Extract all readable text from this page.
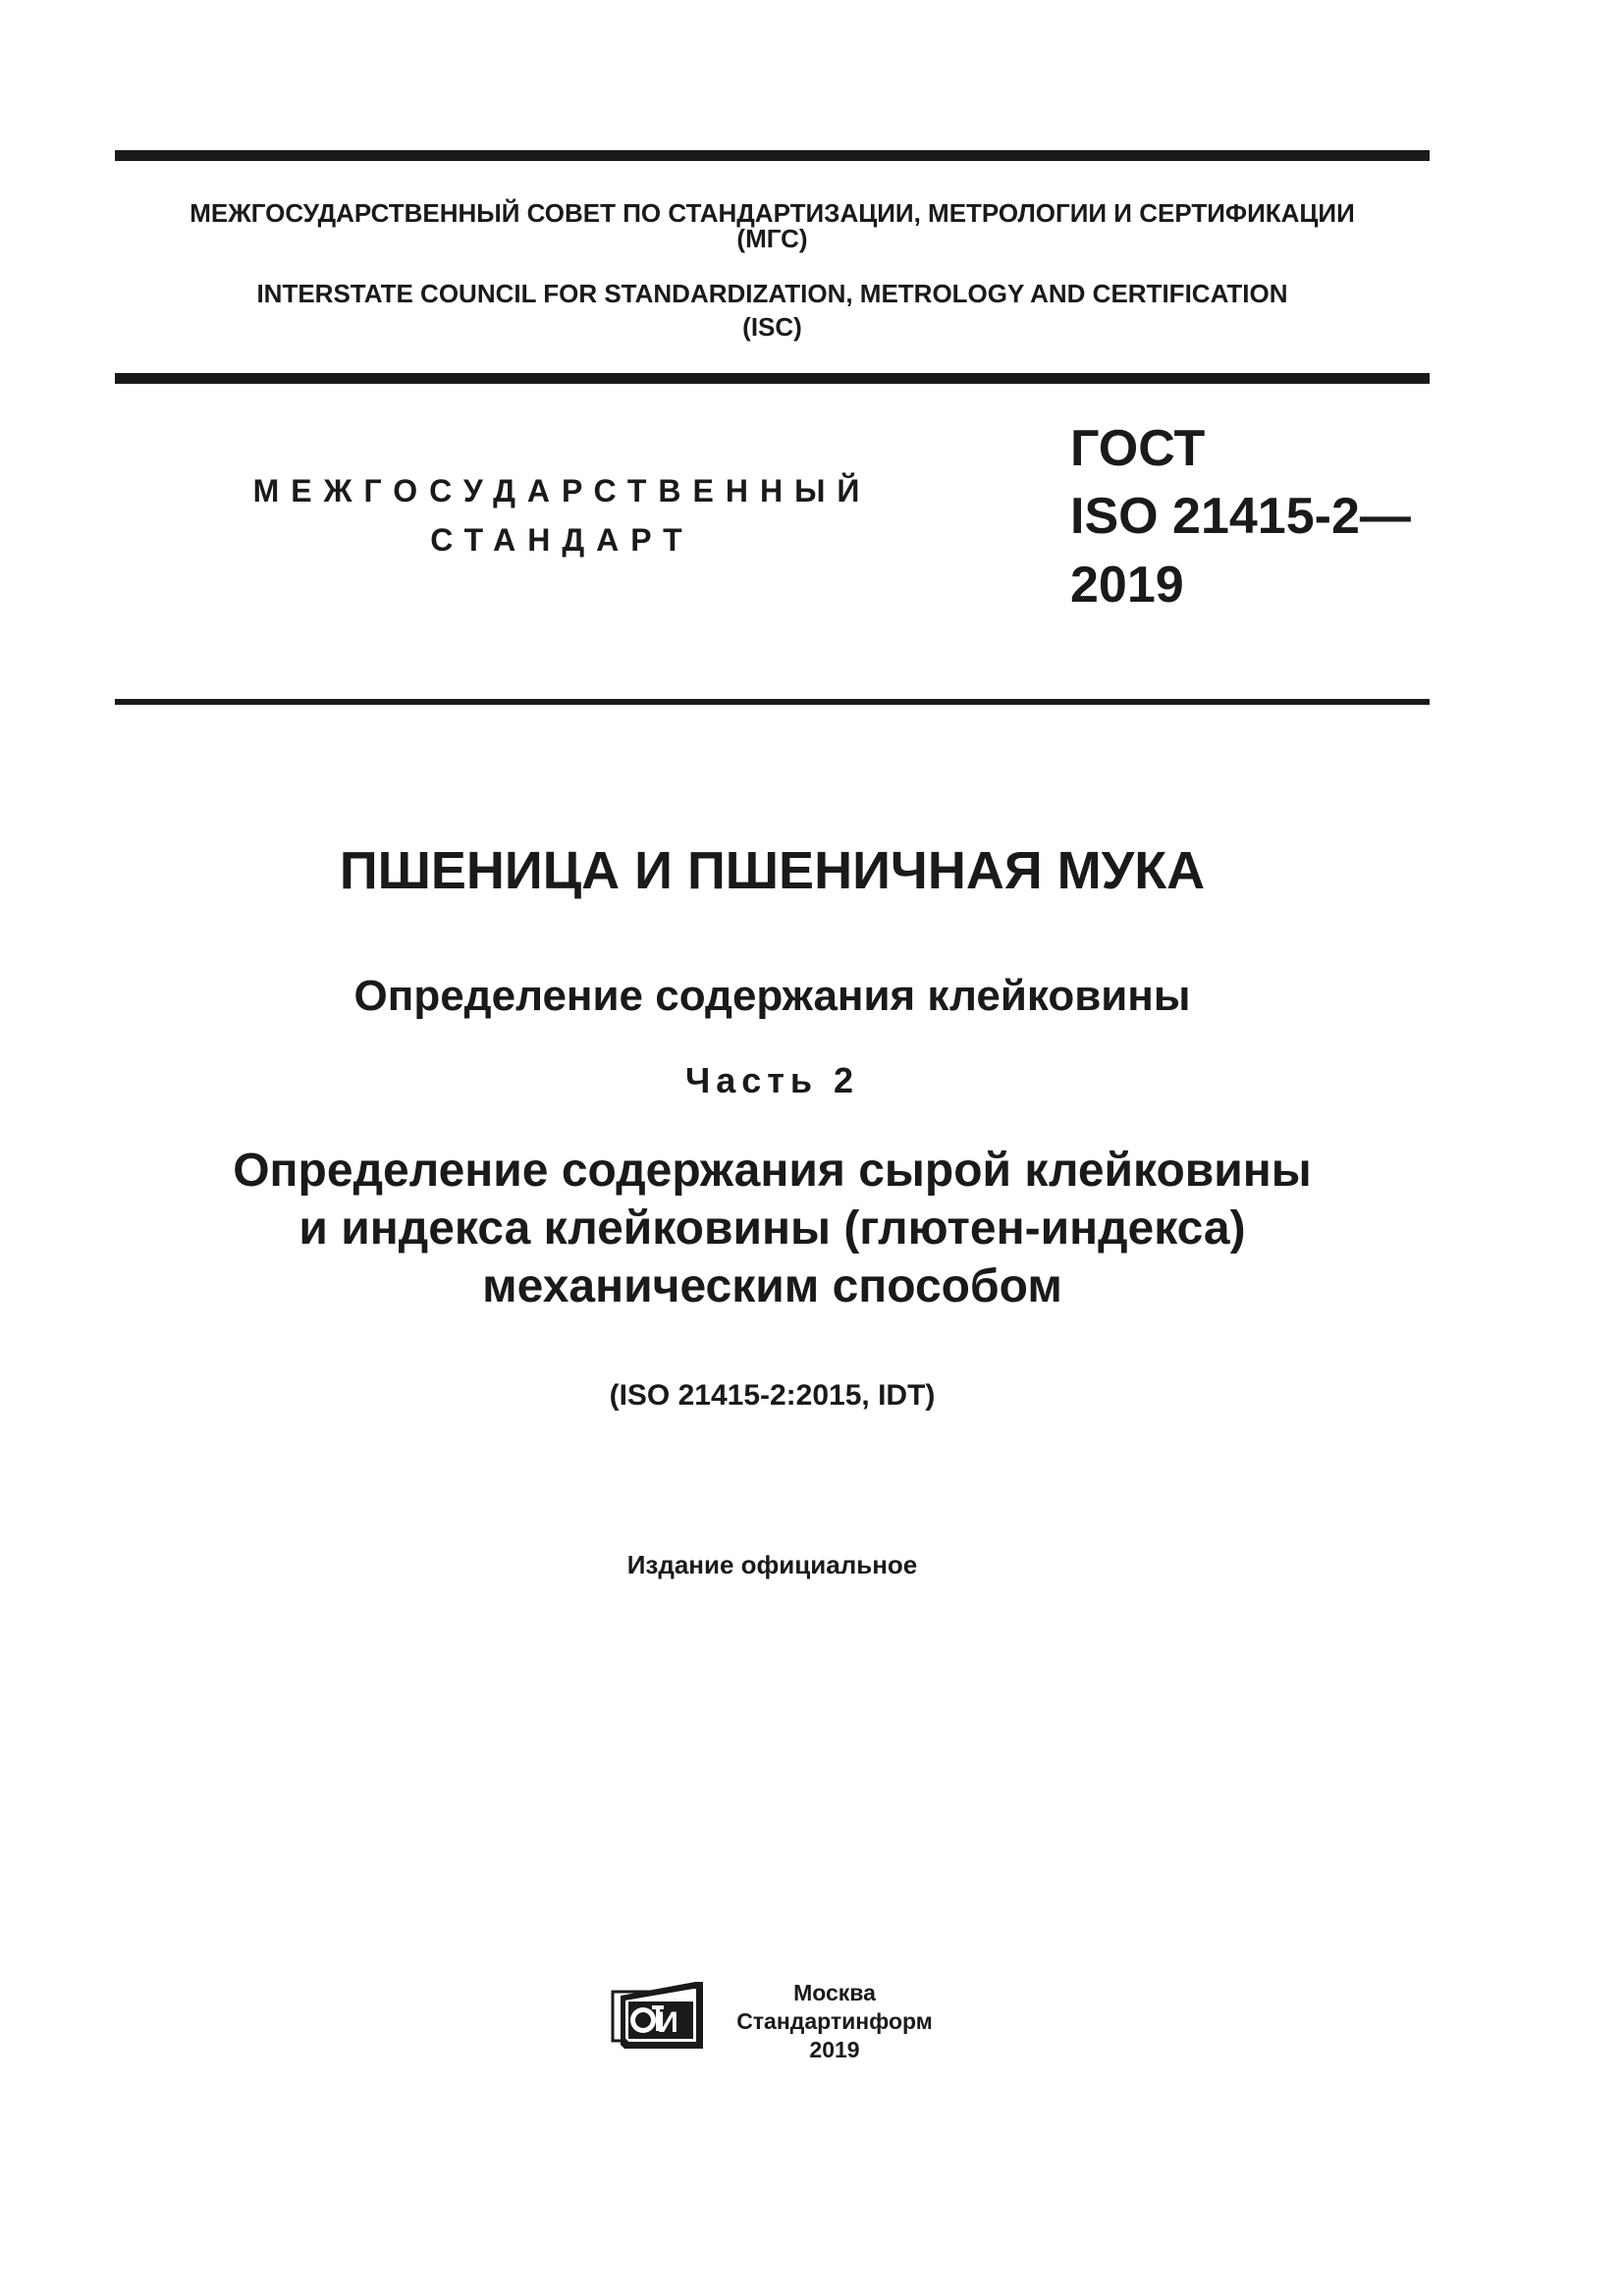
МЕЖГОСУДАРСТВЕННЫЙ СОВЕТ ПО СТАНДАРТИЗАЦИИ, МЕТРОЛОГИИ И СЕРТИФИКАЦИИ
(МГС)
INTERSTATE COUNCIL FOR STANDARDIZATION, METROLOGY AND CERTIFICATION
(ISC)
МЕЖГОСУДАРСТВЕННЫЙ
СТАНДАРТ
ГОСТ
ISO 21415-2—
2019
ПШЕНИЦА И ПШЕНИЧНАЯ МУКА
Определение содержания клейковины
Часть 2
Определение содержания сырой клейковины
и индекса клейковины (глютен-индекса)
механическим способом
(ISO 21415-2:2015, IDT)
Издание официальное
И
Москва
Стандартинформ
2019
